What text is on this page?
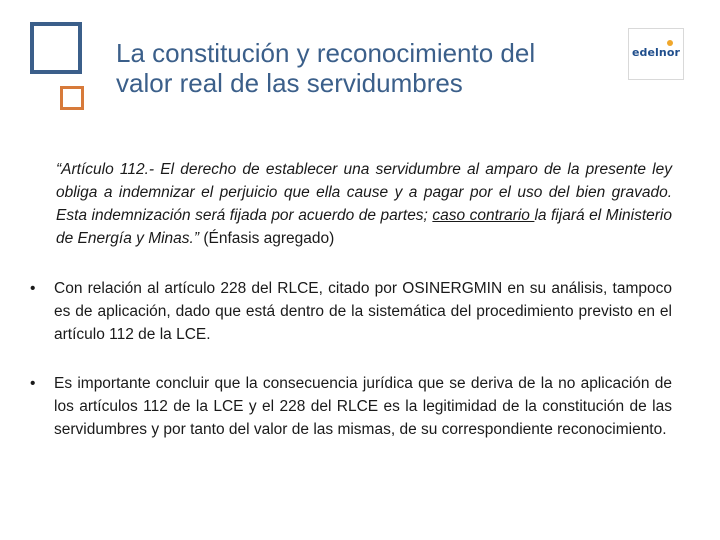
La constitución y reconocimiento del
valor real de las servidumbres
edelnor
“Artículo 112.- El derecho de establecer una servidumbre al amparo de la presente ley obliga a indemnizar el perjuicio que ella cause y a pagar por el uso del bien gravado. Esta indemnización será fijada por acuerdo de partes; caso contrario la fijará el Ministerio de Energía y Minas.” (Énfasis agregado)
• Con relación al artículo 228 del RLCE, citado por OSINERGMIN en su análisis, tampoco es de aplicación, dado que está dentro de la sistemática del procedimiento previsto en el artículo 112 de la LCE.
• Es importante concluir que la consecuencia jurídica que se deriva de la no aplicación de los artículos 112 de la LCE y el 228 del RLCE es la legitimidad de la constitución de las servidumbres y por tanto del valor de las mismas, de su correspondiente reconocimiento.
